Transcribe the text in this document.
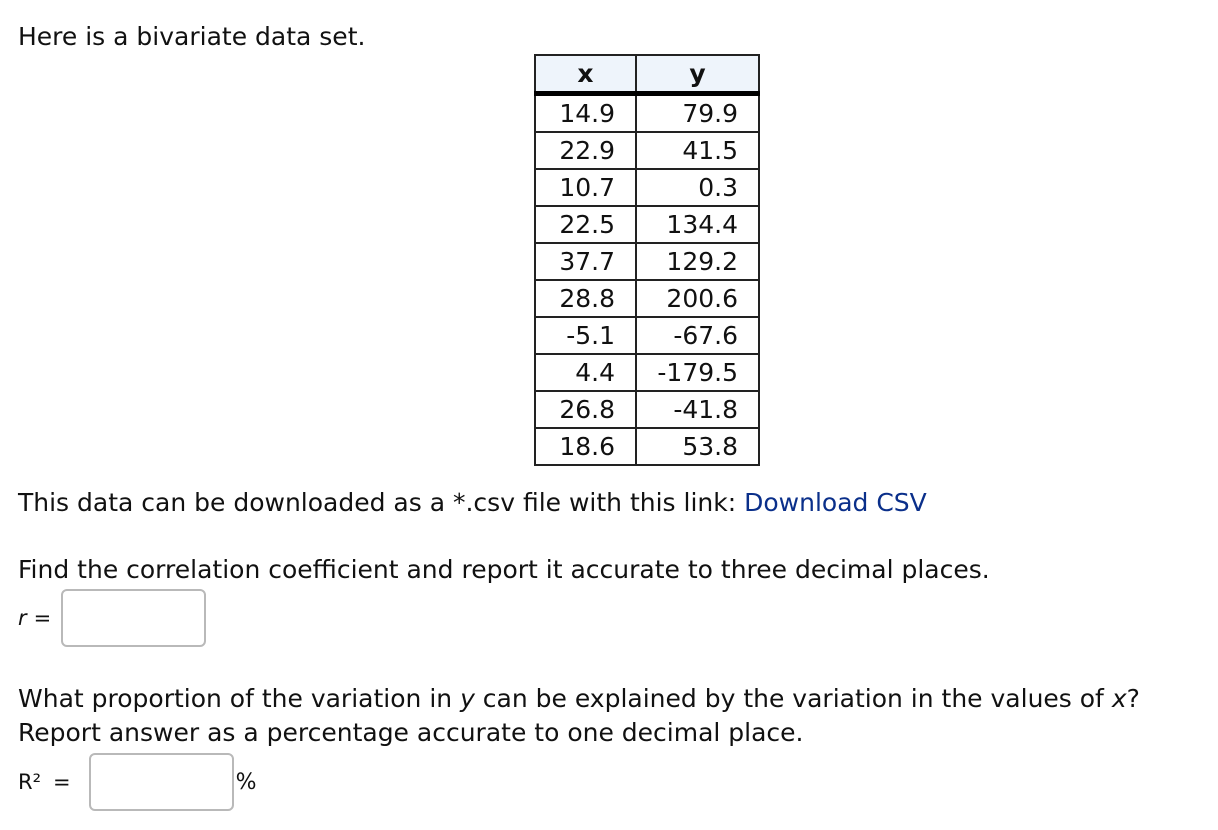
Here is a bivariate data set.

x	y
14.9	79.9
22.9	41.5
10.7	0.3
22.5	134.4
37.7	129.2
28.8	200.6
-5.1	-67.6
4.4	-179.5
26.8	-41.8
18.6	53.8

This data can be downloaded as a *.csv file with this link: Download CSV

Find the correlation coefficient and report it accurate to three decimal places.

r =

What proportion of the variation in y can be explained by the variation in the values of x?
Report answer as a percentage accurate to one decimal place.

R² =	%
